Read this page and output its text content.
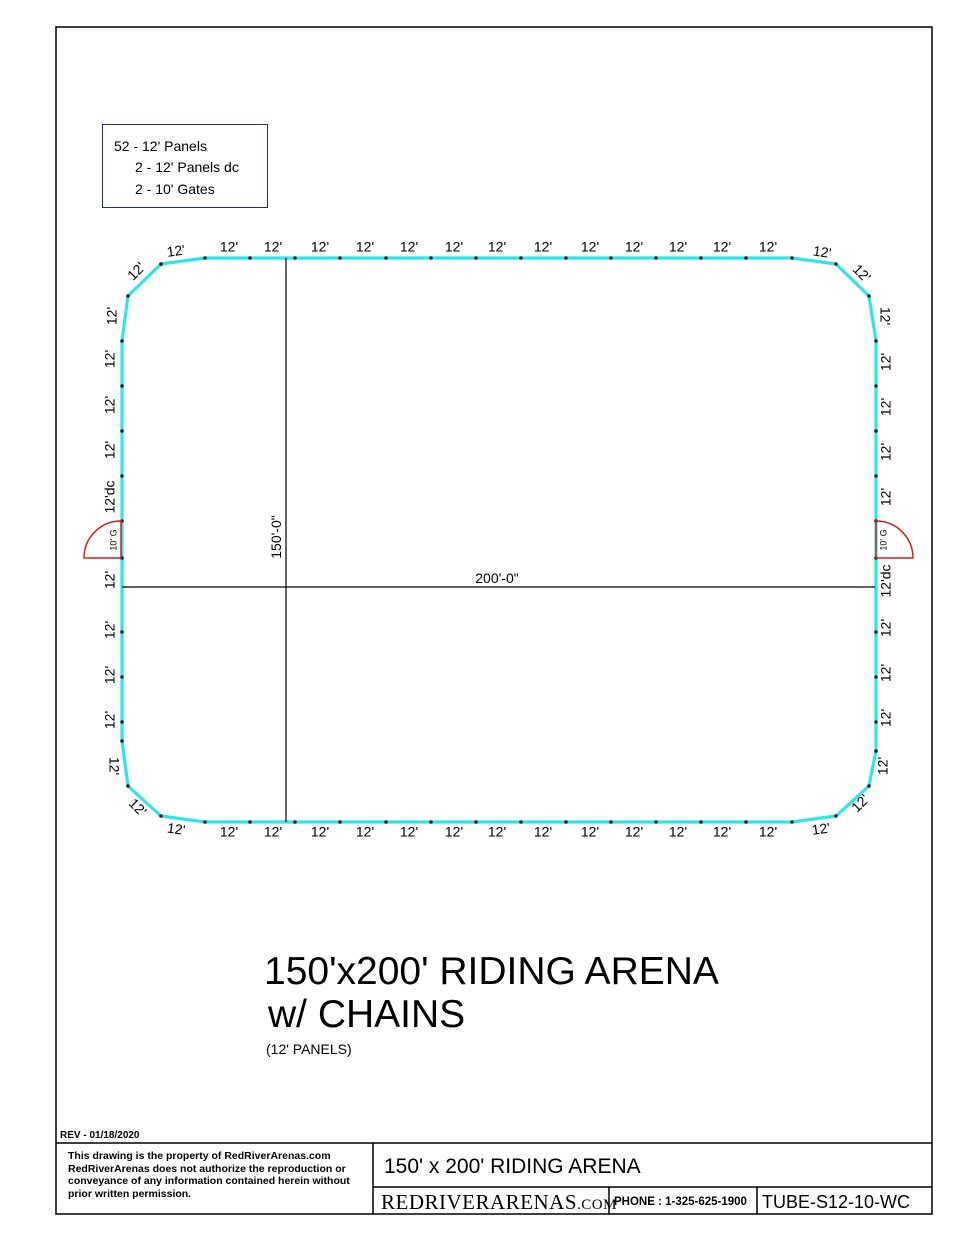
200'-0"
150'-0"
10' G	10' G
12'
12'
12'
12'
12'
12'
12'
12'
12'
12'
12'
12'
12'
12'
12'
12'
12'
12'
12'
12'
12'
12'
12'
12'
12'
12'
12'
12'
12'
12'
12'
12'
12'
12'
12'
12'
12'
12'
12'
12'
12'
12'dc
12'
12'
12'
12'
12'
12'
12'
12'
12'dc
12'
12'
12'
52 - 12' Panels
2 - 12' Panels dc
2 - 10' Gates
150'x200' RIDING ARENA
w/ CHAINS
(12' PANELS)
REV - 01/18/2020
This drawing is the property of RedRiverArenas.com RedRiverArenas does not authorize the reproduction or conveyance of any information contained herein without prior written permission.
150' x 200' RIDING ARENA
REDRIVERARENAS.COM
PHONE : 1-325-625-1900 TUBE-S12-10-WC
